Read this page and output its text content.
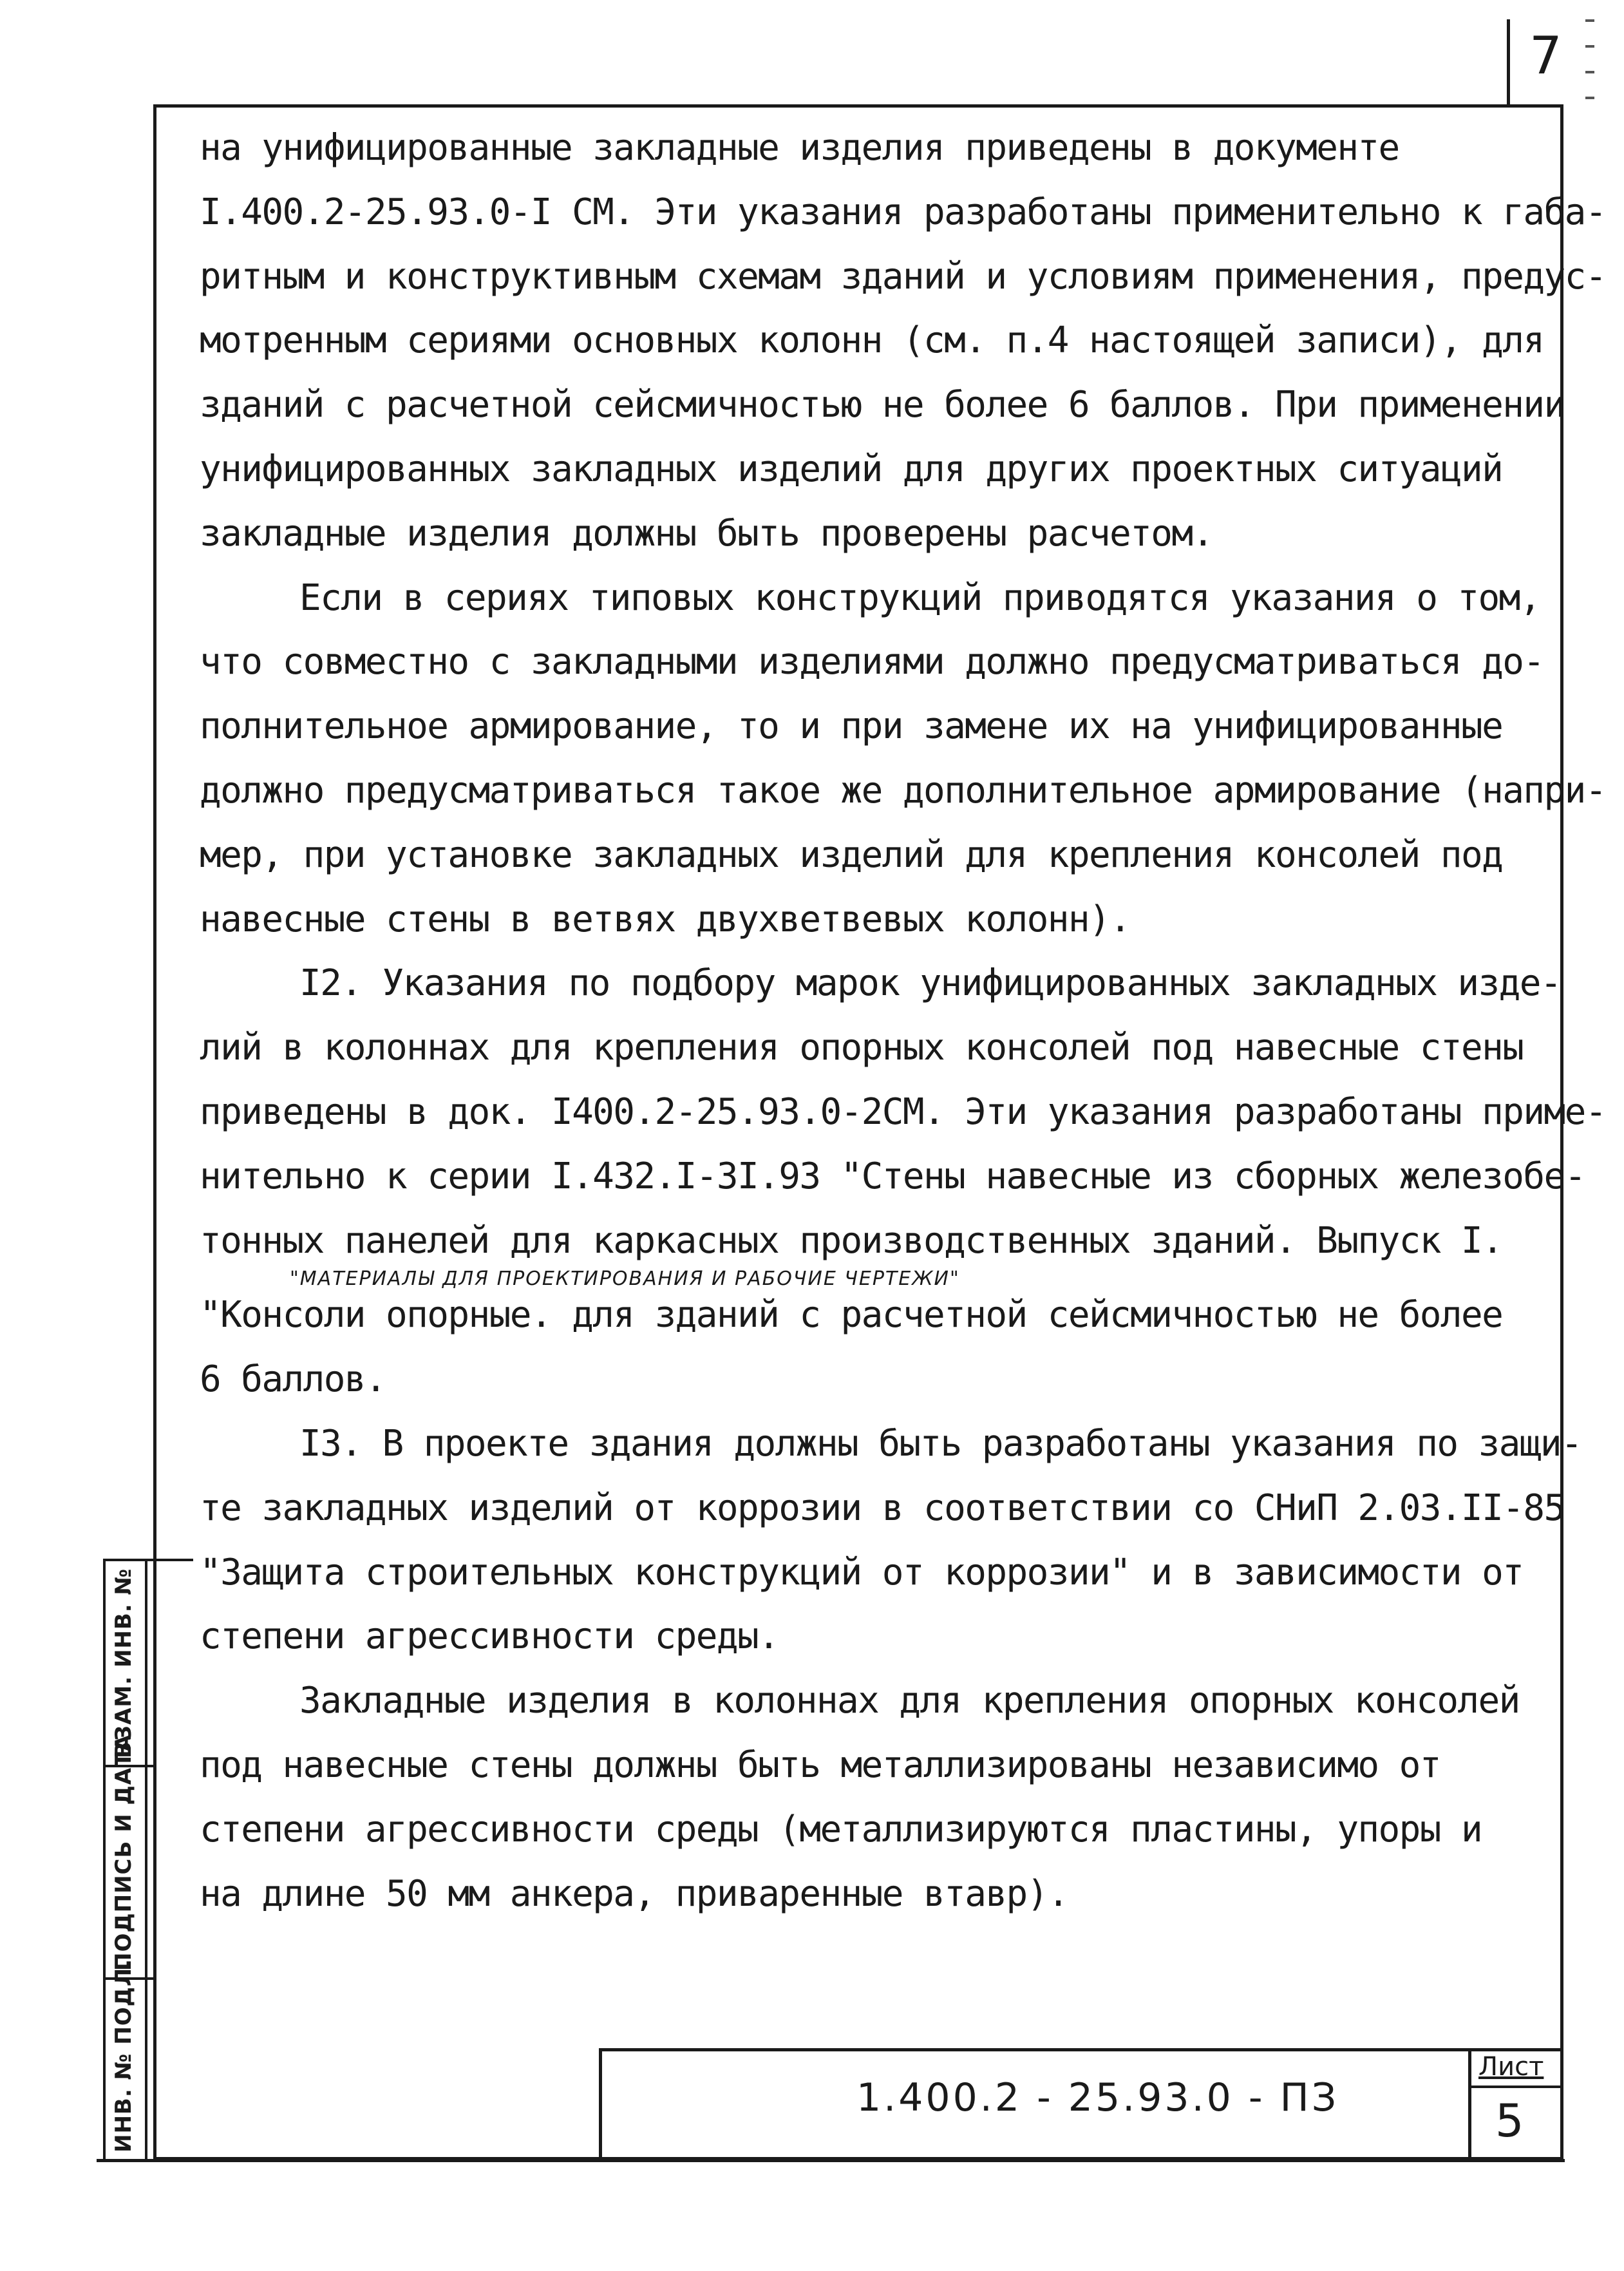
7

на унифицированные закладные изделия приведены в документе
I.400.2-25.93.0-I СМ. Эти указания разработаны применительно к габа-
ритным и конструктивным схемам зданий и условиям применения, предус-
мотренным сериями основных колонн (см. п.4 настоящей записи), для
зданий с расчетной сейсмичностью не более 6 баллов. При применении
унифицированных закладных изделий для других проектных ситуаций
закладные изделия должны быть проверены расчетом.

Если в сериях типовых конструкций приводятся указания о том,
что совместно с закладными изделиями должно предусматриваться до-
полнительное армирование, то и при замене их на унифицированные
должно предусматриваться такое же дополнительное армирование (напри-
мер, при установке закладных изделий для крепления консолей под
навесные стены в ветвях двухветвевых колонн).

I2. Указания по подбору марок унифицированных закладных изде-
лий в колоннах для крепления опорных консолей под навесные стены
приведены в док. I400.2-25.93.0-2СМ. Эти указания разработаны приме-
нительно к серии I.432.I-3I.93 "Стены навесные из сборных железобе-
тонных панелей для каркасных производственных зданий. Выпуск I.
"МАТЕРИАЛЫ ДЛЯ ПРОЕКТИРОВАНИЯ И РАБОЧИЕ ЧЕРТЕЖИ"
"Консоли опорные. для зданий с расчетной сейсмичностью не более
6 баллов.

I3. В проекте здания должны быть разработаны указания по защи-
те закладных изделий от коррозии в соответствии со СНиП 2.03.II-85
"Защита строительных конструкций от коррозии" и в зависимости от
степени агрессивности среды.

Закладные изделия в колоннах для крепления опорных консолей
под навесные стены должны быть металлизированы независимо от
степени агрессивности среды (металлизируются пластины, упоры и
на длине 50 мм анкера, приваренные втавр).

ИНВ. № ПОДЛ.
ПОДПИСЬ И ДАТА
ВЗАМ. ИНВ. №
1.400.2 - 25.93.0 - ПЗ
Лист
5
